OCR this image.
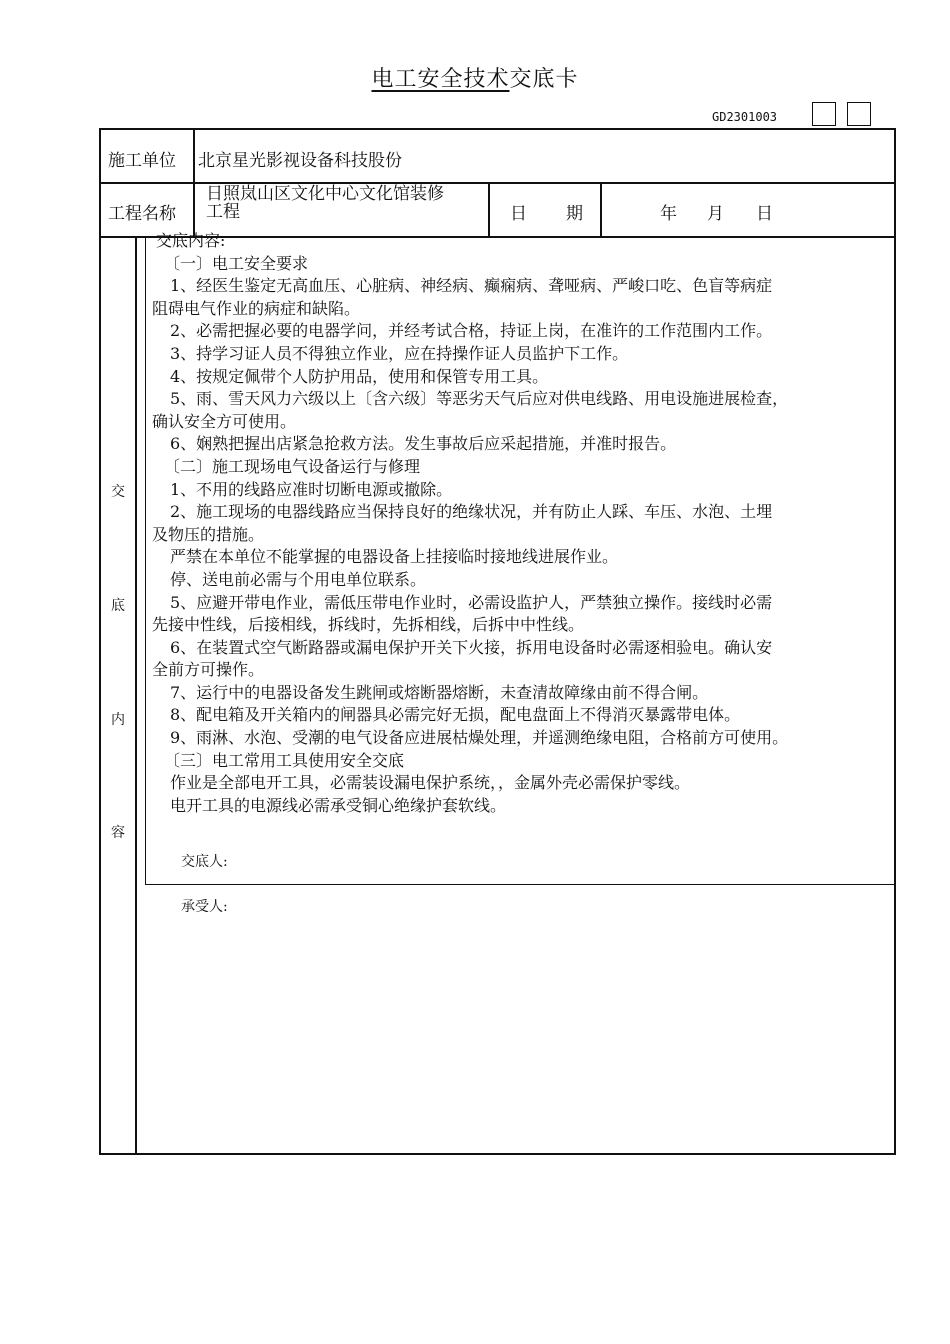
电工安全技术交底卡
GD2301003
施工单位 北京星光影视设备科技股份
工程名称
日照岚山区文化中心文化馆装修
工程	日 期	年 月 日
交
底
内
容
交底内容:
〔一〕电工安全要求
1、经医生鉴定无高血压、心脏病、神经病、癫痫病、聋哑病、严峻口吃、色盲等病症
阻碍电气作业的病症和缺陷。
2、必需把握必要的电器学问，并经考试合格，持证上岗，在准许的工作范围内工作。
3、持学习证人员不得独立作业，应在持操作证人员监护下工作。
4、按规定佩带个人防护用品，使用和保管专用工具。
5、雨、雪天风力六级以上〔含六级〕等恶劣天气后应对供电线路、用电设施进展检查，
确认安全方可使用。
6、娴熟把握出店紧急抢救方法。发生事故后应采起措施，并准时报告。
〔二〕施工现场电气设备运行与修理
1、不用的线路应准时切断电源或撤除。
2、施工现场的电器线路应当保持良好的绝缘状况，并有防止人踩、车压、水泡、土埋
及物压的措施。
严禁在本单位不能掌握的电器设备上挂接临时接地线进展作业。
停、送电前必需与个用电单位联系。
5、应避开带电作业，需低压带电作业时，必需设监护人，严禁独立操作。接线时必需
先接中性线，后接相线，拆线时，先拆相线，后拆中中性线。
6、在装置式空气断路器或漏电保护开关下火接，拆用电设备时必需逐相验电。确认安
全前方可操作。
7、运行中的电器设备发生跳闸或熔断器熔断，未查清故障缘由前不得合闸。
8、配电箱及开关箱内的闸器具必需完好无损，配电盘面上不得消灭暴露带电体。
9、雨淋、水泡、受潮的电气设备应进展枯燥处理，并遥测绝缘电阻，合格前方可使用。
〔三〕电工常用工具使用安全交底
作业是全部电开工具，必需装设漏电保护系统，，金属外壳必需保护零线。
电开工具的电源线必需承受铜心绝缘护套软线。
交底人:
承受人:
